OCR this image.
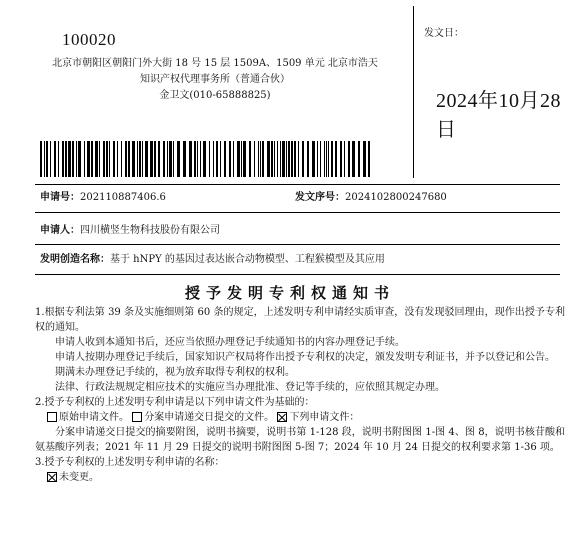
100020
北京市朝阳区朝阳门外大街 18 号 15 层 1509A、1509 单元 北京市浩天
知识产权代理事务所（普通合伙）
金卫文(010-65888825)
发文日：
2024年10月28日
申请号：202110887406.6	发文序号：2024102800247680
申请人：四川横竖生物科技股份有限公司
发明创造名称：基于 hNPY 的基因过表达嵌合动物模型、工程猴模型及其应用
授予发明专利权通知书

1.根据专利法第 39 条及实施细则第 60 条的规定，上述发明专利申请经实质审查，没有发现驳回理由，现作出授予专利权的通知。

申请人收到本通知书后，还应当依照办理登记手续通知书的内容办理登记手续。

申请人按期办理登记手续后，国家知识产权局将作出授予专利权的决定，颁发发明专利证书，并予以登记和公告。

期满未办理登记手续的，视为放弃取得专利权的权利。

法律、行政法规规定相应技术的实施应当办理批准、登记等手续的，应依照其规定办理。

2.授予专利权的上述发明专利申请是以下列申请文件为基础的：

原始申请文件。 分案申请递交日提交的文件。 下列申请文件：

分案申请递交日提交的摘要附图，说明书摘要，说明书第 1-128 段，说明书附图图 1-图 4、图 8，说明书核苷酸和氨基酸序列表；2021 年 11 月 29 日提交的说明书附图图 5-图 7；2024 年 10 月 24 日提交的权利要求第 1-36 项。

3.授予专利权的上述发明专利申请的名称：

未变更。
